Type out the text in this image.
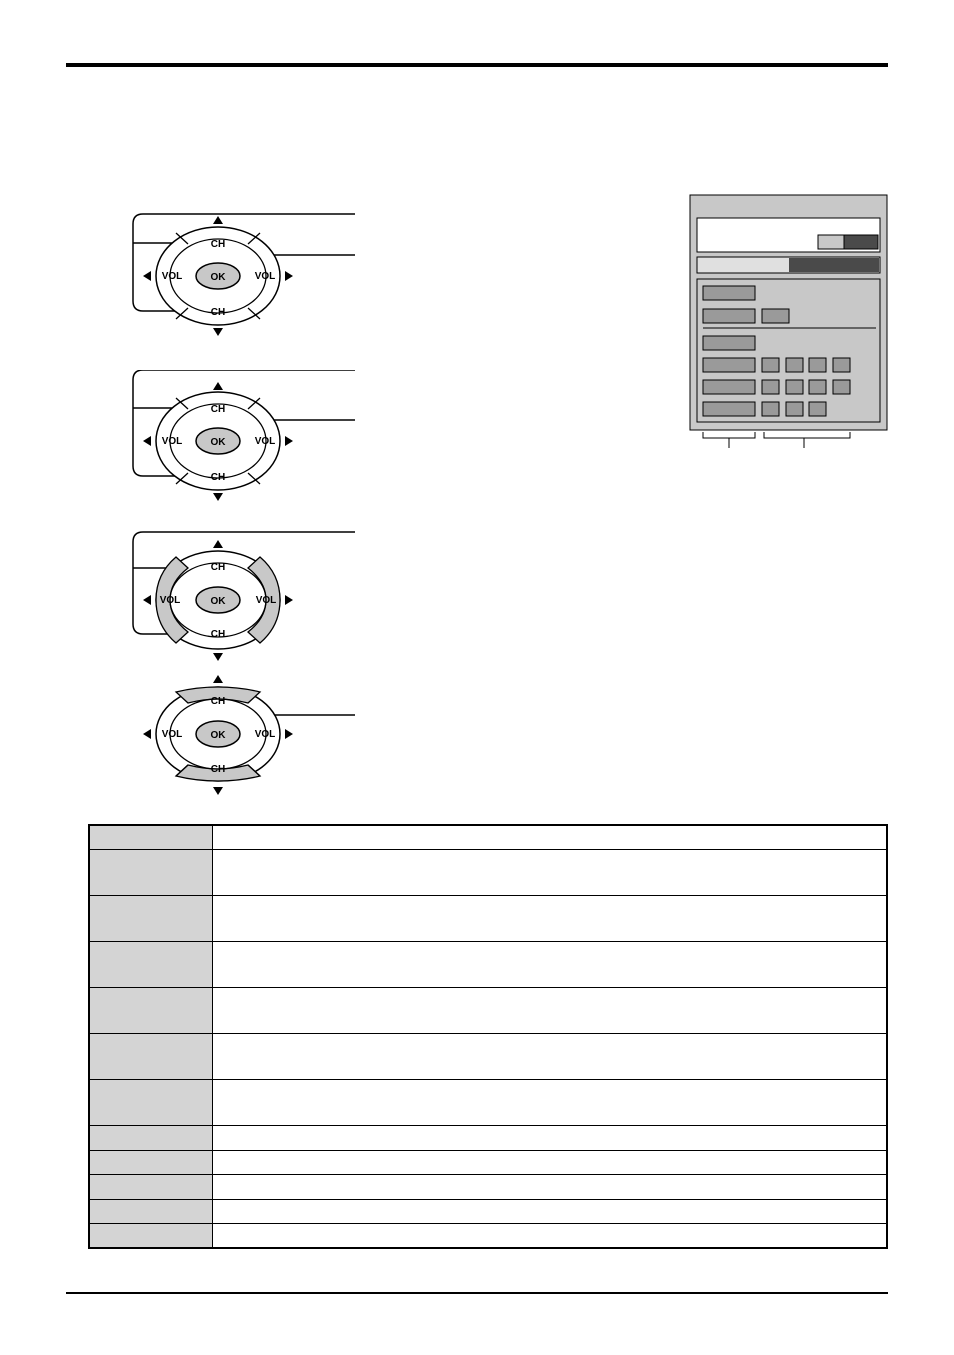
OK
CH
CH
VOL	VOL
OK
CH
CH
VOL	VOL
OK
CH
CH
VOL	VOL
OK
CH
CH
VOL	VOL
